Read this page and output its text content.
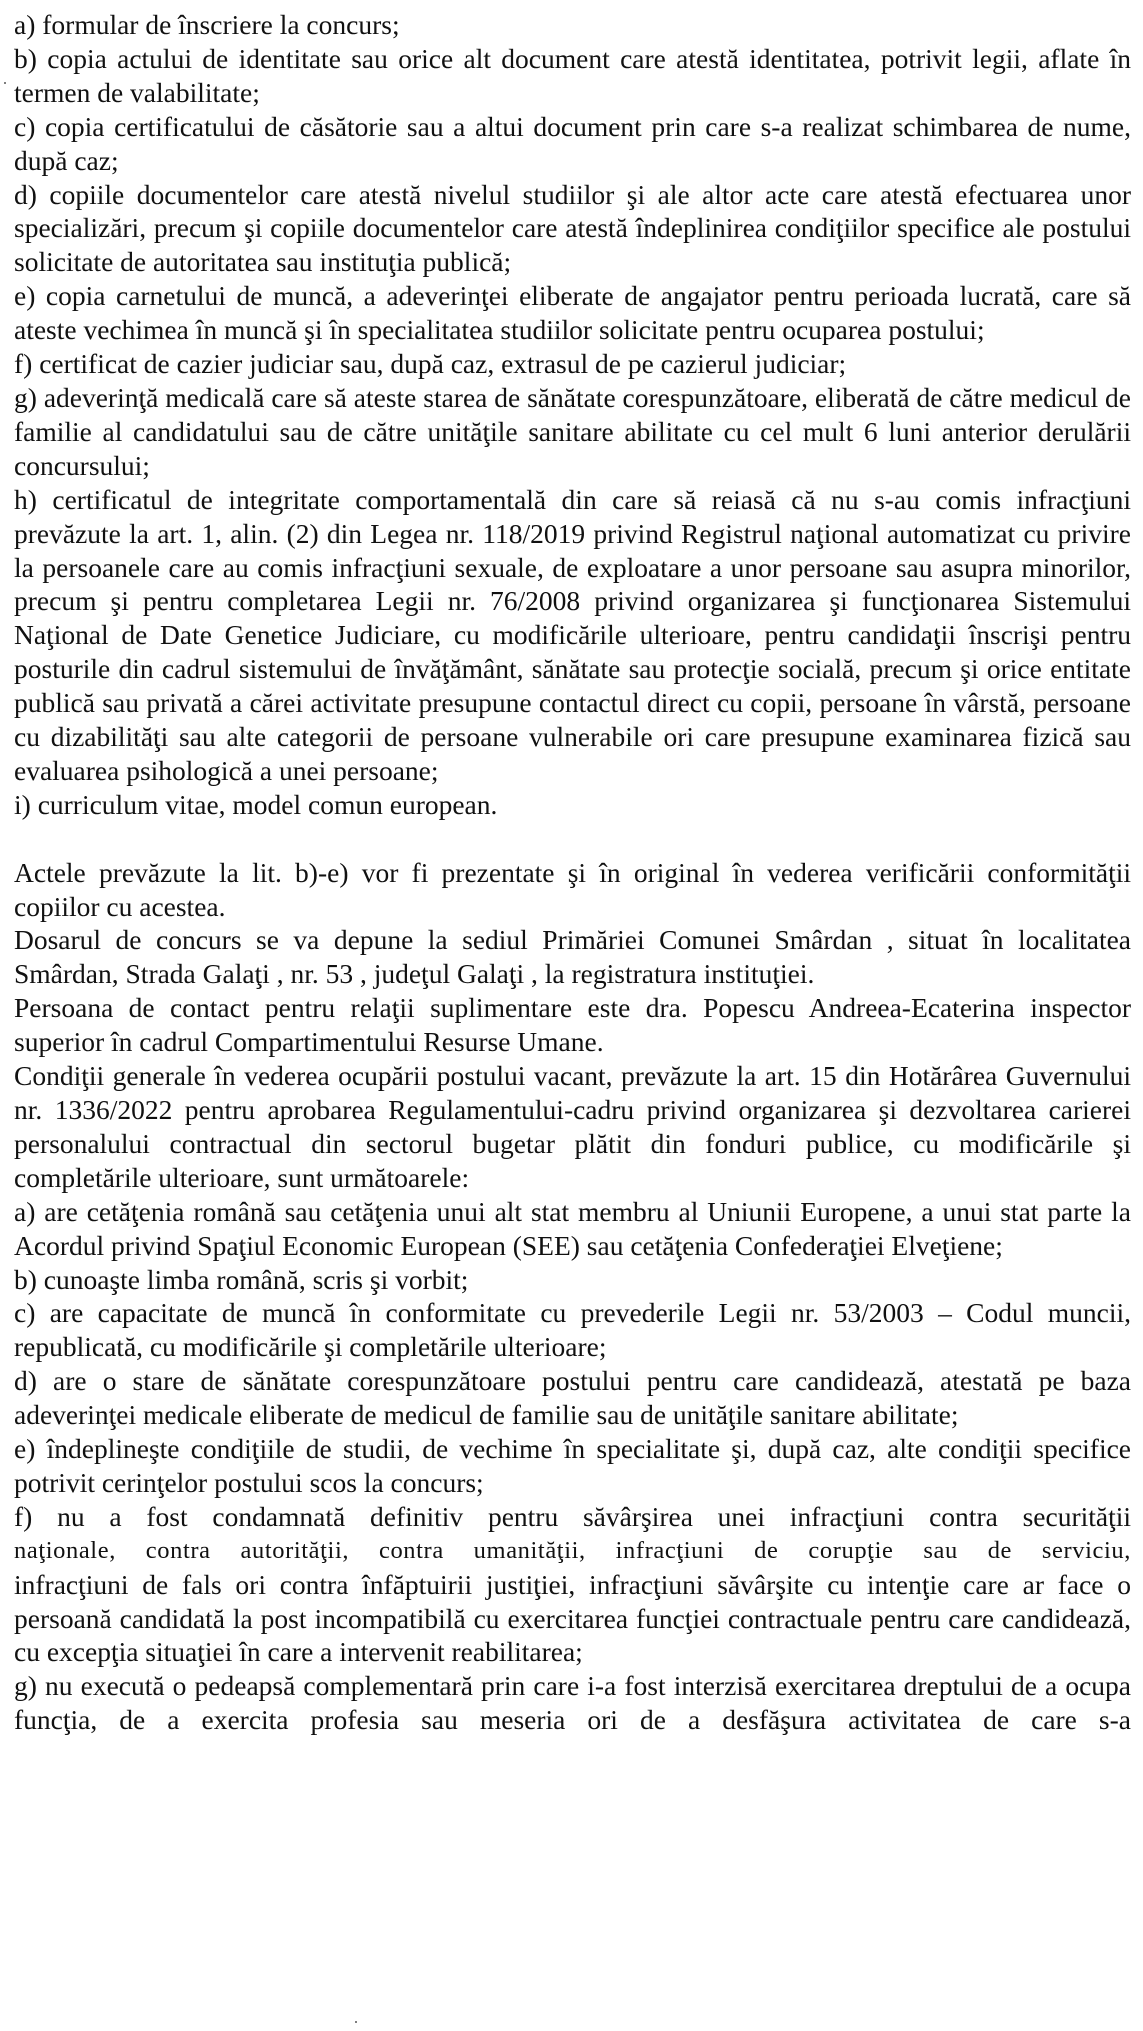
a) formular de înscriere la concurs;

b) copia actului de identitate sau orice alt document care atestă identitatea, potrivit legii, aflate în termen de valabilitate;

c) copia certificatului de căsătorie sau a altui document prin care s-a realizat schimbarea de nume, după caz;

d) copiile documentelor care atestă nivelul studiilor şi ale altor acte care atestă efectuarea unor specializări, precum şi copiile documentelor care atestă îndeplinirea condiţiilor specifice ale postului solicitate de autoritatea sau instituţia publică;

e) copia carnetului de muncă, a adeverinţei eliberate de angajator pentru perioada lucrată, care să ateste vechimea în muncă şi în specialitatea studiilor solicitate pentru ocuparea postului;

f) certificat de cazier judiciar sau, după caz, extrasul de pe cazierul judiciar;

g) adeverinţă medicală care să ateste starea de sănătate corespunzătoare, eliberată de către medicul de familie al candidatului sau de către unităţile sanitare abilitate cu cel mult 6 luni anterior derulării concursului;

h) certificatul de integritate comportamentală din care să reiasă că nu s-au comis infracţiuni prevăzute la art. 1, alin. (2) din Legea nr. 118/2019 privind Registrul naţional automatizat cu privire la persoanele care au comis infracţiuni sexuale, de exploatare a unor persoane sau asupra minorilor, precum şi pentru completarea Legii nr. 76/2008 privind organizarea şi funcţionarea Sistemului Naţional de Date Genetice Judiciare, cu modificările ulterioare, pentru candidaţii înscrişi pentru posturile din cadrul sistemului de învăţământ, sănătate sau protecţie socială, precum şi orice entitate publică sau privată a cărei activitate presupune contactul direct cu copii, persoane în vârstă, persoane cu dizabilităţi sau alte categorii de persoane vulnerabile ori care presupune examinarea fizică sau evaluarea psihologică a unei persoane;

i) curriculum vitae, model comun european.

Actele prevăzute la lit. b)-e) vor fi prezentate şi în original în vederea verificării conformităţii copiilor cu acestea.

Dosarul de concurs se va depune la sediul Primăriei Comunei Smârdan , situat în localitatea Smârdan, Strada Galaţi , nr. 53 , judeţul Galaţi , la registratura instituţiei.

Persoana de contact pentru relaţii suplimentare este dra. Popescu Andreea-Ecaterina inspector superior în cadrul Compartimentului Resurse Umane.

Condiţii generale în vederea ocupării postului vacant, prevăzute la art. 15 din Hotărârea Guvernului nr. 1336/2022 pentru aprobarea Regulamentului-cadru privind organizarea şi dezvoltarea carierei personalului contractual din sectorul bugetar plătit din fonduri publice, cu modificările şi completările ulterioare, sunt următoarele:

a) are cetăţenia română sau cetăţenia unui alt stat membru al Uniunii Europene, a unui stat parte la Acordul privind Spaţiul Economic European (SEE) sau cetăţenia Confederaţiei Elveţiene;

b) cunoaşte limba română, scris şi vorbit;

c) are capacitate de muncă în conformitate cu prevederile Legii nr. 53/2003 – Codul muncii, republicată, cu modificările şi completările ulterioare;

d) are o stare de sănătate corespunzătoare postului pentru care candidează, atestată pe baza adeverinţei medicale eliberate de medicul de familie sau de unităţile sanitare abilitate;

e) îndeplineşte condiţiile de studii, de vechime în specialitate şi, după caz, alte condiţii specifice potrivit cerinţelor postului scos la concurs;

f) nu a fost condamnată definitiv pentru săvârşirea unei infracţiuni contra securităţii

naţionale, contra autorităţii, contra umanităţii, infracţiuni de corupţie sau de serviciu,

infracţiuni de fals ori contra înfăptuirii justiţiei, infracţiuni săvârşite cu intenţie care ar face o persoană candidată la post incompatibilă cu exercitarea funcţiei contractuale pentru care candidează, cu excepţia situaţiei în care a intervenit reabilitarea;

g) nu execută o pedeapsă complementară prin care i-a fost interzisă exercitarea dreptului de a ocupa funcţia, de a exercita profesia sau meseria ori de a desfăşura activitatea de care s-a
